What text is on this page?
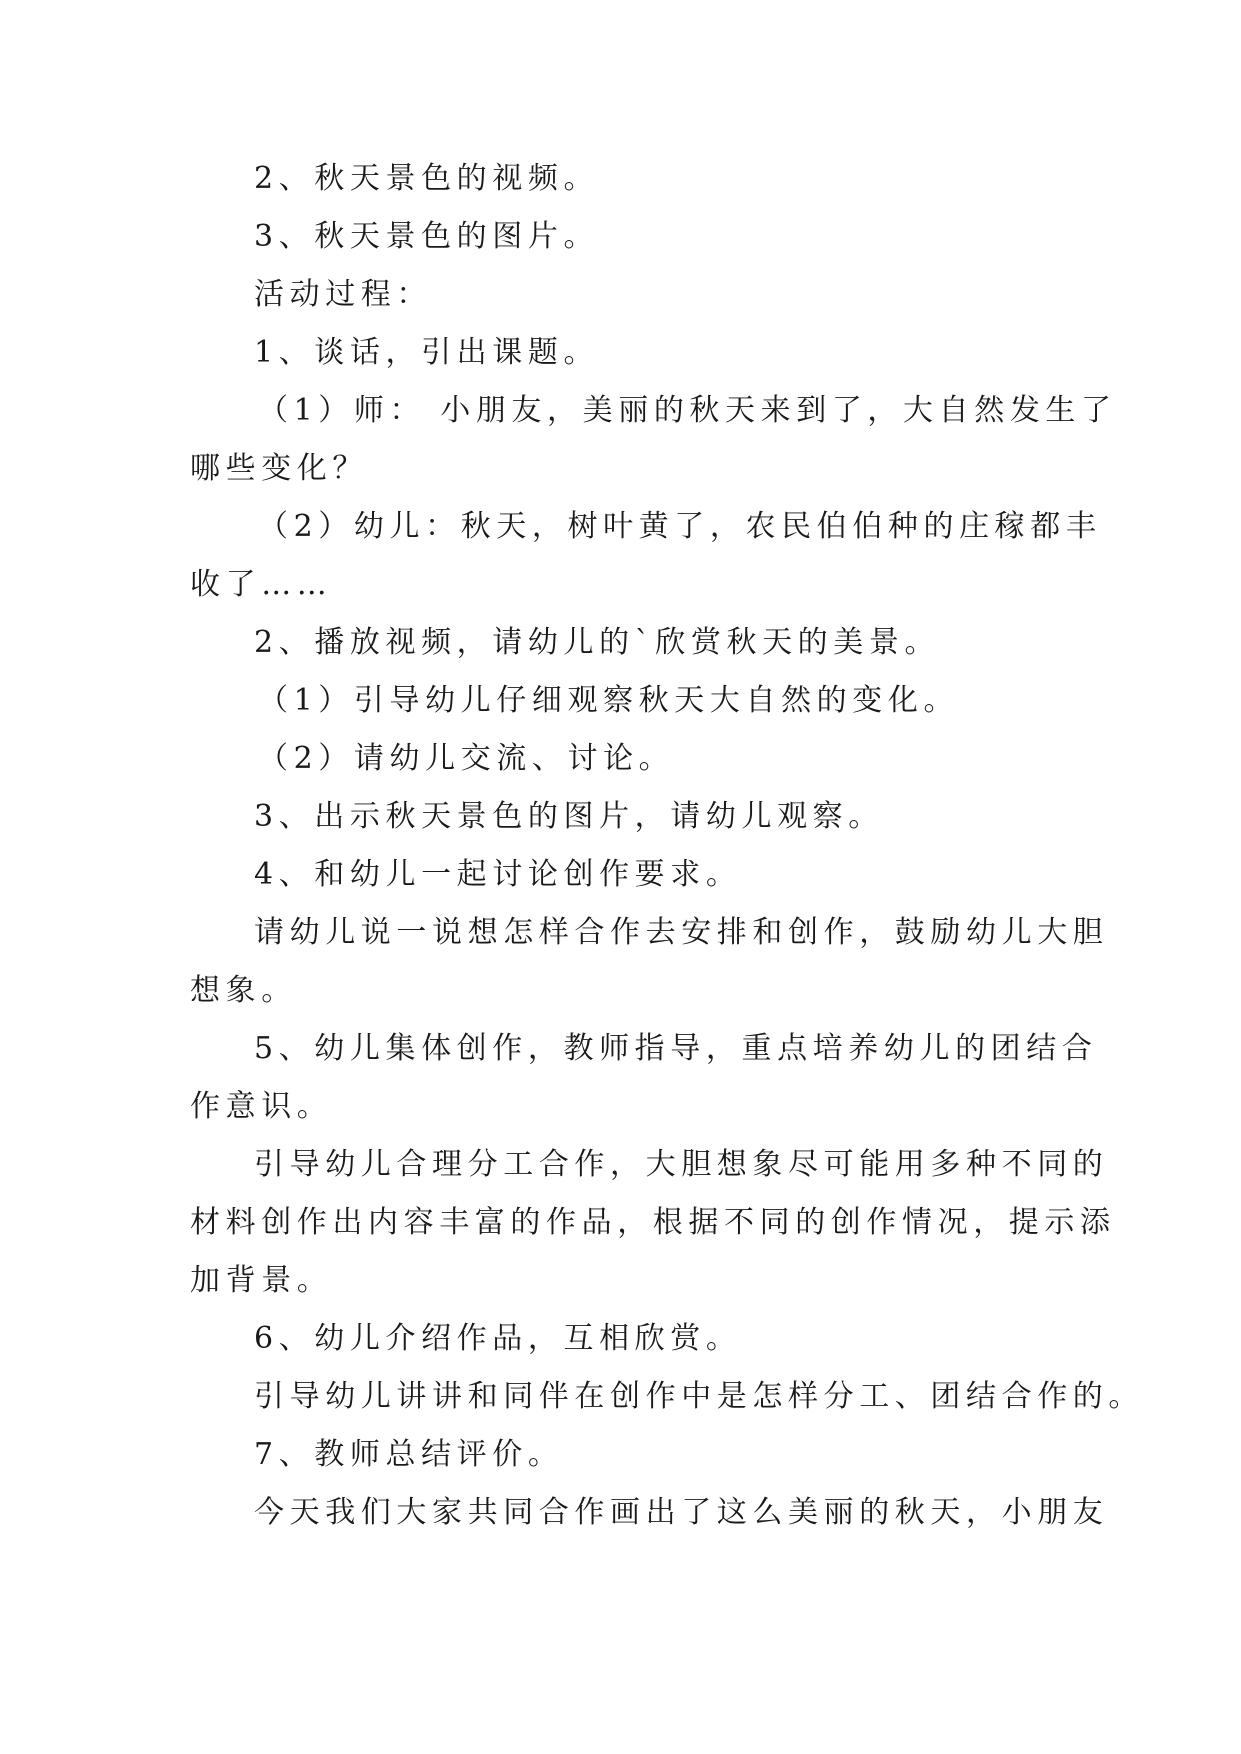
2、秋天景色的视频。
3、秋天景色的图片。
活动过程：
1、谈话，引出课题。
（1）师： 小朋友，美丽的秋天来到了，大自然发生了
哪些变化？
（2）幼儿：秋天，树叶黄了，农民伯伯种的庄稼都丰
收了……
2、播放视频，请幼儿的`欣赏秋天的美景。
（1）引导幼儿仔细观察秋天大自然的变化。
（2）请幼儿交流、讨论。
3、出示秋天景色的图片，请幼儿观察。
4、和幼儿一起讨论创作要求。
请幼儿说一说想怎样合作去安排和创作，鼓励幼儿大胆
想象。
5、幼儿集体创作，教师指导，重点培养幼儿的团结合
作意识。
引导幼儿合理分工合作，大胆想象尽可能用多种不同的
材料创作出内容丰富的作品，根据不同的创作情况，提示添
加背景。
6、幼儿介绍作品，互相欣赏。
引导幼儿讲讲和同伴在创作中是怎样分工、团结合作的。
7、教师总结评价。
今天我们大家共同合作画出了这么美丽的秋天，小朋友
